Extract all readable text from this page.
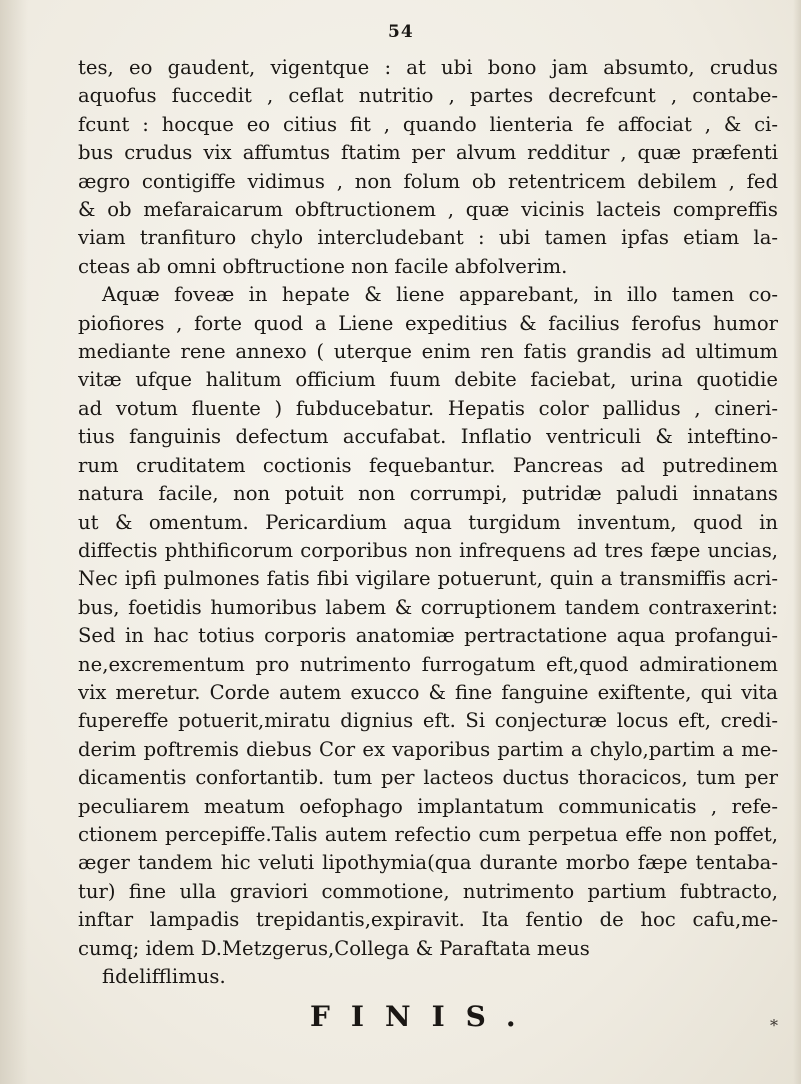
54
tes, eo gaudent, vigentque : at ubi bono jam absumto, crudus
aquofus fuccedit , ceflat nutritio , partes decrefcunt , contabe-
fcunt : hocque eo citius fit , quando lienteria fe affociat , & ci-
bus crudus vix affumtus ftatim per alvum redditur , quæ præfenti
ægro contigiffe vidimus , non folum ob retentricem debilem , fed
& ob mefaraicarum obftructionem , quæ vicinis lacteis compreffis
viam tranfituro chylo intercludebant : ubi tamen ipfas etiam la-
cteas ab omni obftructione non facile abfolverim.
Aquæ foveæ in hepate & liene apparebant, in illo tamen co-
piofiores , forte quod a Liene expeditius & facilius ferofus humor
mediante rene annexo ( uterque enim ren fatis grandis ad ultimum
vitæ ufque halitum officium fuum debite faciebat, urina quotidie
ad votum fluente ) fubducebatur. Hepatis color pallidus , cineri-
tius fanguinis defectum accufabat. Inflatio ventriculi & inteftino-
rum cruditatem coctionis fequebantur. Pancreas ad putredinem
natura facile, non potuit non corrumpi, putridæ paludi innatans
ut & omentum. Pericardium aqua turgidum inventum, quod in
diffectis phthificorum corporibus non infrequens ad tres fæpe uncias,
Nec ipfi pulmones fatis fibi vigilare potuerunt, quin a transmiffis acri-
bus, foetidis humoribus labem & corruptionem tandem contraxerint:
Sed in hac totius corporis anatomiæ pertractatione aqua profangui-
ne,excrementum pro nutrimento furrogatum eft,quod admirationem
vix meretur. Corde autem exucco & fine fanguine exiftente, qui vita
fupereffe potuerit,miratu dignius eft. Si conjecturæ locus eft, credi-
derim poftremis diebus Cor ex vaporibus partim a chylo,partim a me-
dicamentis confortantib. tum per lacteos ductus thoracicos, tum per
peculiarem meatum oefophago implantatum communicatis , refe-
ctionem percepiffe.Talis autem refectio cum perpetua effe non poffet,
æger tandem hic veluti lipothymia(qua durante morbo fæpe tentaba-
tur) fine ulla graviori commotione, nutrimento partium fubtracto,
inftar lampadis trepidantis,expiravit. Ita fentio de hoc cafu,me-
cumq; idem D.Metzgerus,Collega & Paraftata meus
fidelifflimus.
FINIS.	*
